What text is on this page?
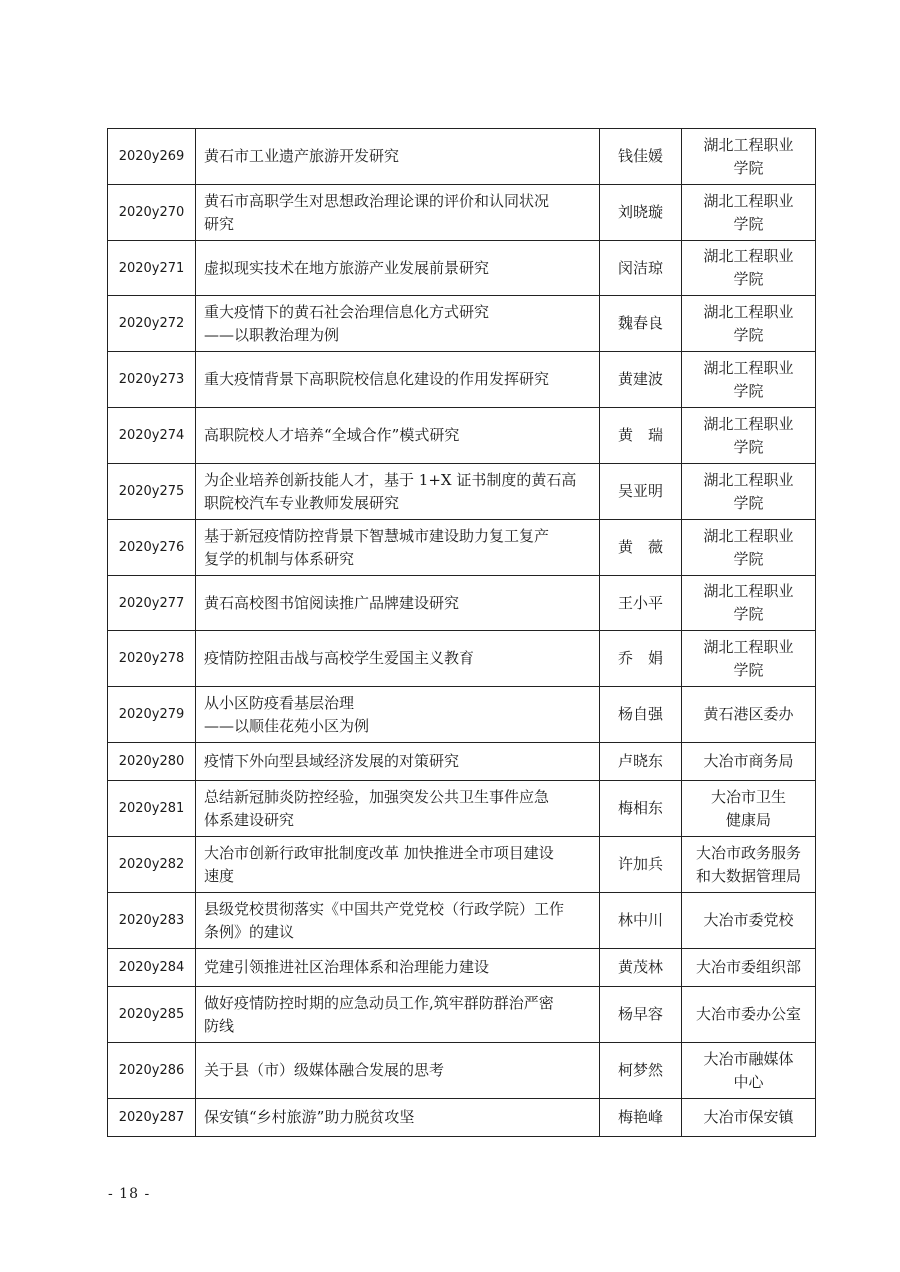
2020y269	黄石市工业遗产旅游开发研究	钱佳媛	湖北工程职业
学院

2020y270	黄石市高职学生对思想政治理论课的评价和认同状况
研究	刘晓璇	湖北工程职业
学院

2020y271	虚拟现实技术在地方旅游产业发展前景研究	闵洁琼	湖北工程职业
学院

2020y272	重大疫情下的黄石社会治理信息化方式研究
——以职教治理为例	魏春良	湖北工程职业
学院

2020y273	重大疫情背景下高职院校信息化建设的作用发挥研究	黄建波	湖北工程职业
学院

2020y274	高职院校人才培养“全域合作”模式研究	黄　瑞	湖北工程职业
学院

2020y275	为企业培养创新技能人才，基于 1+X 证书制度的黄石高
职院校汽车专业教师发展研究	吴亚明	湖北工程职业
学院

2020y276	基于新冠疫情防控背景下智慧城市建设助力复工复产
复学的机制与体系研究	黄　薇	湖北工程职业
学院

2020y277	黄石高校图书馆阅读推广品牌建设研究	王小平	湖北工程职业
学院

2020y278	疫情防控阻击战与高校学生爱国主义教育	乔　娟	湖北工程职业
学院

2020y279	从小区防疫看基层治理
——以顺佳花苑小区为例	杨自强	黄石港区委办

2020y280	疫情下外向型县域经济发展的对策研究	卢晓东	大冶市商务局

2020y281	总结新冠肺炎防控经验，加强突发公共卫生事件应急
体系建设研究	梅相东	大冶市卫生
健康局

2020y282	大冶市创新行政审批制度改革 加快推进全市项目建设
速度	许加兵	大冶市政务服务
和大数据管理局

2020y283	县级党校贯彻落实《中国共产党党校（行政学院）工作
条例》的建议	林中川	大冶市委党校

2020y284	党建引领推进社区治理体系和治理能力建设	黄茂林	大冶市委组织部

2020y285	做好疫情防控时期的应急动员工作,筑牢群防群治严密
防线	杨早容	大冶市委办公室

2020y286	关于县（市）级媒体融合发展的思考	柯梦然	大冶市融媒体
中心

2020y287	保安镇“乡村旅游”助力脱贫攻坚	梅艳峰	大冶市保安镇
- 18 -
